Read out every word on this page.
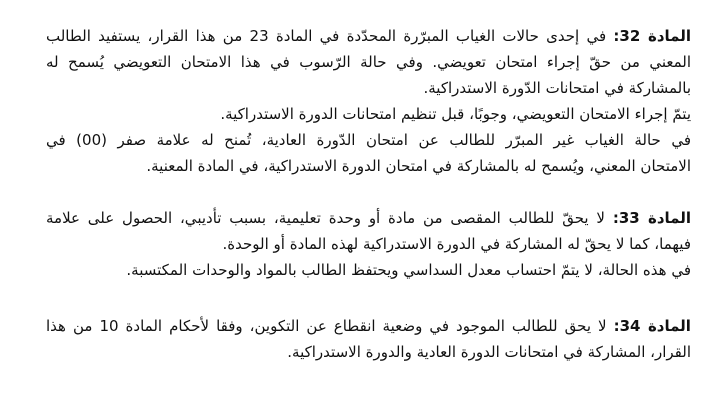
المادة 32: في إحدى حالات الغياب المبرّرة المحدّدة في المادة 23 من هذا القرار، يستفيد الطالب
المعني من حقّ إجراء امتحان تعويضي. وفي حالة الرّسوب في هذا الامتحان التعويضي يُسمح له
بالمشاركة في امتحانات الدّورة الاستدراكية.
يتمّ إجراء الامتحان التعويضي، وجوبًا، قبل تنظيم امتحانات الدورة الاستدراكية.
في حالة الغياب غير المبرّر للطالب عن امتحان الدّورة العادية، تُمنح له علامة صفر (00) في
الامتحان المعني، ويُسمح له بالمشاركة في امتحان الدورة الاستدراكية، في المادة المعنية.
المادة 33: لا يحقّ للطالب المقصى من مادة أو وحدة تعليمية، بسبب تأديبي، الحصول على علامة
فيهما، كما لا يحقّ له المشاركة في الدورة الاستدراكية لهذه المادة أو الوحدة.
في هذه الحالة، لا يتمّ احتساب معدل السداسي ويحتفظ الطالب بالمواد والوحدات المكتسبة.
المادة 34: لا يحق للطالب الموجود في وضعية انقطاع عن التكوين، وفقا لأحكام المادة 10 من هذا
القرار، المشاركة في امتحانات الدورة العادية والدورة الاستدراكية.
